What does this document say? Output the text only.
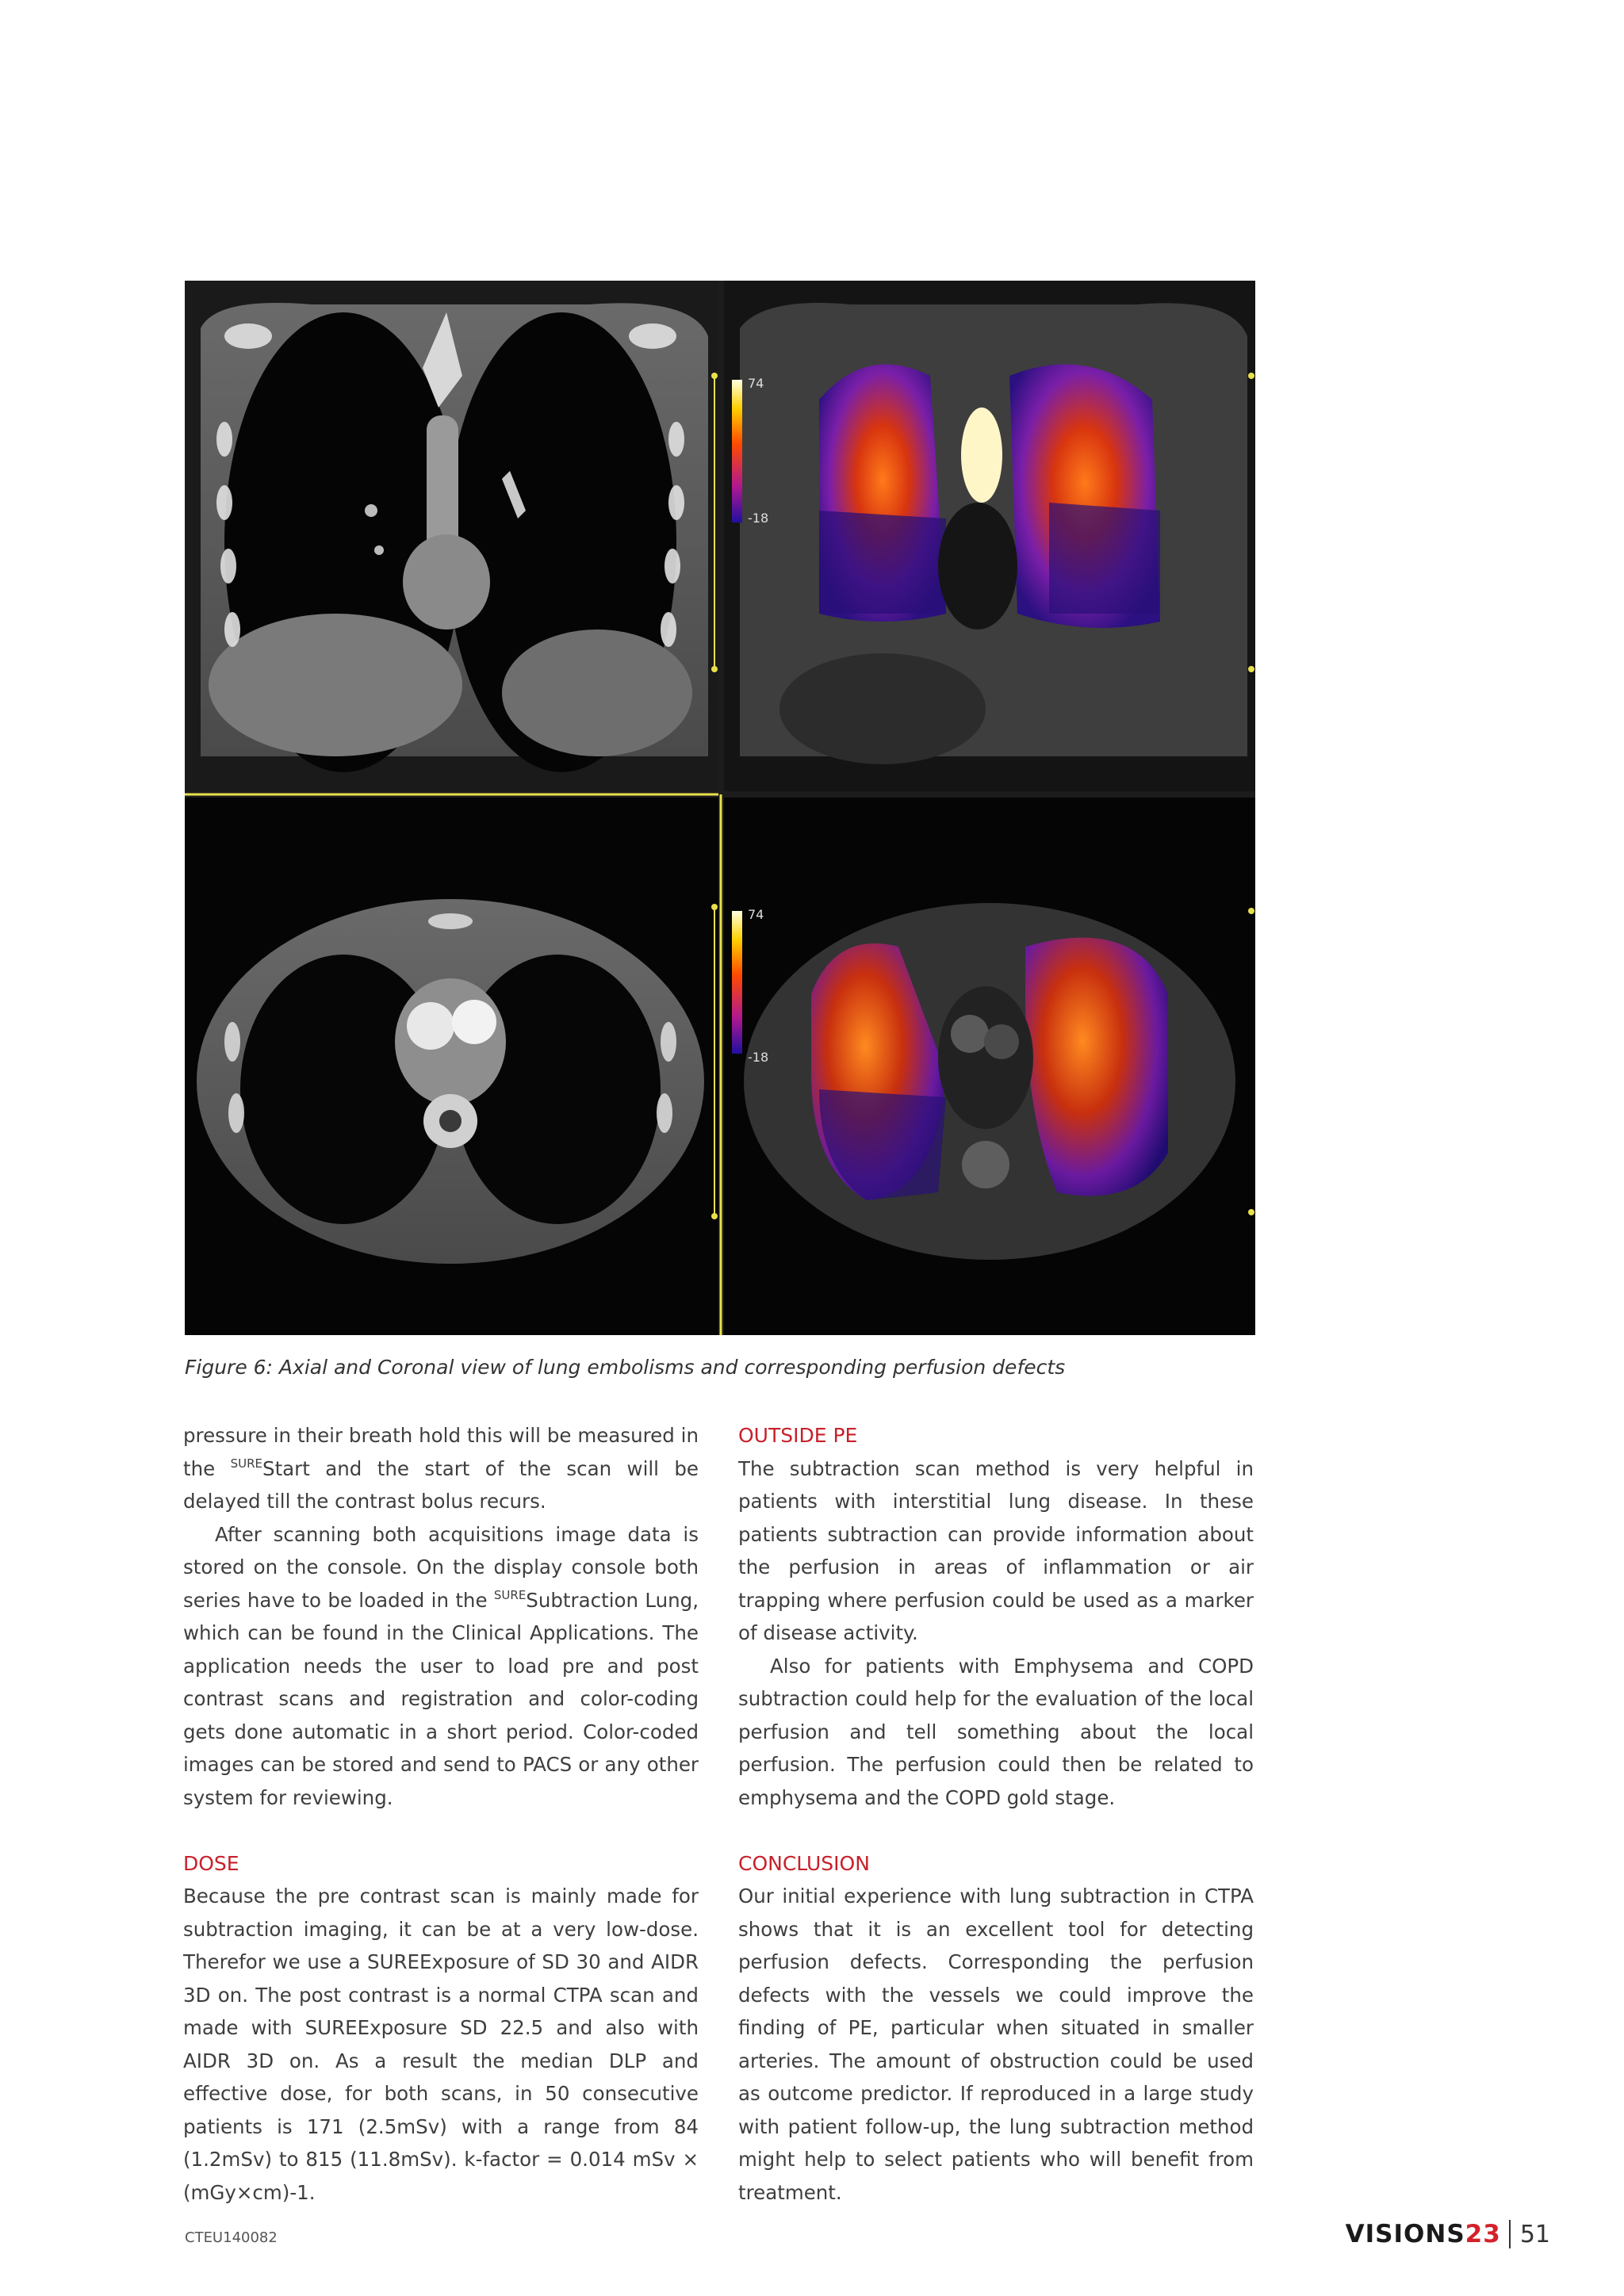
74
-18
74
-18
Figure 6: Axial and Coronal view of lung embolisms and corresponding perfusion defects

pressure in their breath hold this will be measured in the $^{SURE}$Start and the start of the scan will be delayed till the contrast bolus recurs.

After scanning both acquisitions image data is stored on the console. On the display console both series have to be loaded in the $^{SURE}$Subtraction Lung, which can be found in the Clinical Applications. The application needs the user to load pre and post contrast scans and registration and color-coding gets done automatic in a short period. Color-coded images can be stored and send to PACS or any other system for reviewing.

DOSE

Because the pre contrast scan is mainly made for subtraction imaging, it can be at a very low-dose. Therefor we use a SUREExposure of SD 30 and AIDR 3D on. The post contrast is a normal CTPA scan and made with SUREExposure SD 22.5 and also with AIDR 3D on. As a result the median DLP and effective dose, for both scans, in 50 consecutive patients is 171 (2.5mSv) with a range from 84 (1.2mSv) to 815 (11.8mSv). k-factor = 0.014 mSv × (mGy×cm)-1.

OUTSIDE PE

The subtraction scan method is very helpful in patients with interstitial lung disease. In these patients subtraction can provide information about the perfusion in areas of inflammation or air trapping where perfusion could be used as a marker of disease activity.

Also for patients with Emphysema and COPD subtraction could help for the evaluation of the local perfusion and tell something about the local perfusion. The perfusion could then be related to emphysema and the COPD gold stage.

CONCLUSION

Our initial experience with lung subtraction in CTPA shows that it is an excellent tool for detecting perfusion defects. Corresponding the perfusion defects with the vessels we could improve the finding of PE, particular when situated in smaller arteries. The amount of obstruction could be used as outcome predictor. If reproduced in a large study with patient follow-up, the lung subtraction method might help to select patients who will benefit from treatment.

CTEU140082	VISIONS 23 51
